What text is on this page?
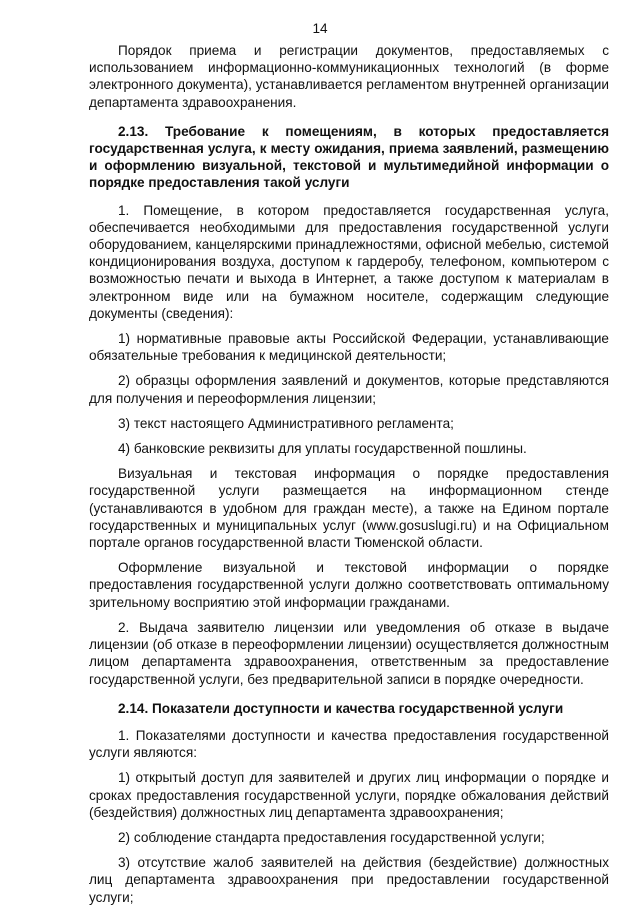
14

Порядок приема и регистрации документов, предоставляемых с использованием информационно-коммуникационных технологий (в форме электронного документа), устанавливается регламентом внутренней организации департамента здравоохранения.

2.13. Требование к помещениям, в которых предоставляется государственная услуга, к месту ожидания, приема заявлений, размещению и оформлению визуальной, текстовой и мультимедийной информации о порядке предоставления такой услуги

1. Помещение, в котором предоставляется государственная услуга, обеспечивается необходимыми для предоставления государственной услуги оборудованием, канцелярскими принадлежностями, офисной мебелью, системой кондиционирования воздуха, доступом к гардеробу, телефоном, компьютером с возможностью печати и выхода в Интернет, а также доступом к материалам в электронном виде или на бумажном носителе, содержащим следующие документы (сведения):

1) нормативные правовые акты Российской Федерации, устанавливающие обязательные требования к медицинской деятельности;

2) образцы оформления заявлений и документов, которые представляются для получения и переоформления лицензии;

3) текст настоящего Административного регламента;

4) банковские реквизиты для уплаты государственной пошлины.

Визуальная и текстовая информация о порядке предоставления государственной услуги размещается на информационном стенде (устанавливаются в удобном для граждан месте), а также на Едином портале государственных и муниципальных услуг (www.gosuslugi.ru) и на Официальном портале органов государственной власти Тюменской области.

Оформление визуальной и текстовой информации о порядке предоставления государственной услуги должно соответствовать оптимальному зрительному восприятию этой информации гражданами.

2. Выдача заявителю лицензии или уведомления об отказе в выдаче лицензии (об отказе в переоформлении лицензии) осуществляется должностным лицом департамента здравоохранения, ответственным за предоставление государственной услуги, без предварительной записи в порядке очередности.

2.14. Показатели доступности и качества государственной услуги

1. Показателями доступности и качества предоставления государственной услуги являются:

1) открытый доступ для заявителей и других лиц информации о порядке и сроках предоставления государственной услуги, порядке обжалования действий (бездействия) должностных лиц департамента здравоохранения;

2) соблюдение стандарта предоставления государственной услуги;

3) отсутствие жалоб заявителей на действия (бездействие) должностных лиц департамента здравоохранения при предоставлении государственной услуги;
